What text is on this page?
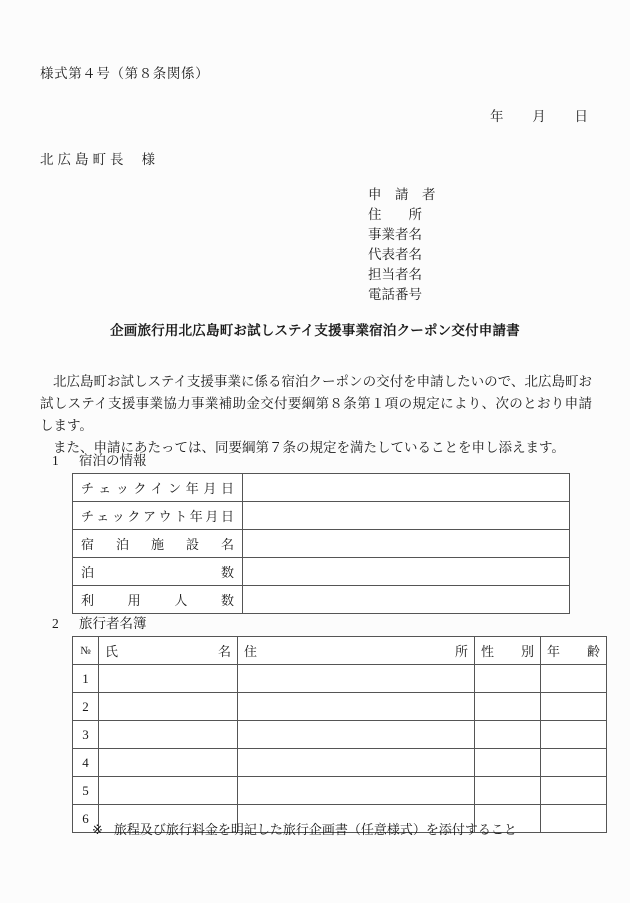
様式第４号（第８条関係）
年 月 日
北広島町長 様
申　請　者
住　　所
事業者名
代表者名
担当者名
電話番号
企画旅行用北広島町お試しステイ支援事業宿泊クーポン交付申請書

北広島町お試しステイ支援事業に係る宿泊クーポンの交付を申請したいので、北広島町お試しステイ支援事業協力事業補助金交付要綱第８条第１項の規定により、次のとおり申請します。

また、申請にあたっては、同要綱第７条の規定を満たしていることを申し添えます。

1 宿泊の情報
チェックイン年月日	
チェックアウト年月日	
宿泊施設名	
泊数	
利用人数	
2 旅行者名簿
№	氏名	住所	性別	年齢
1				
2				
3				
4				
5				
6				
※ 旅程及び旅行料金を明記した旅行企画書（任意様式）を添付すること
